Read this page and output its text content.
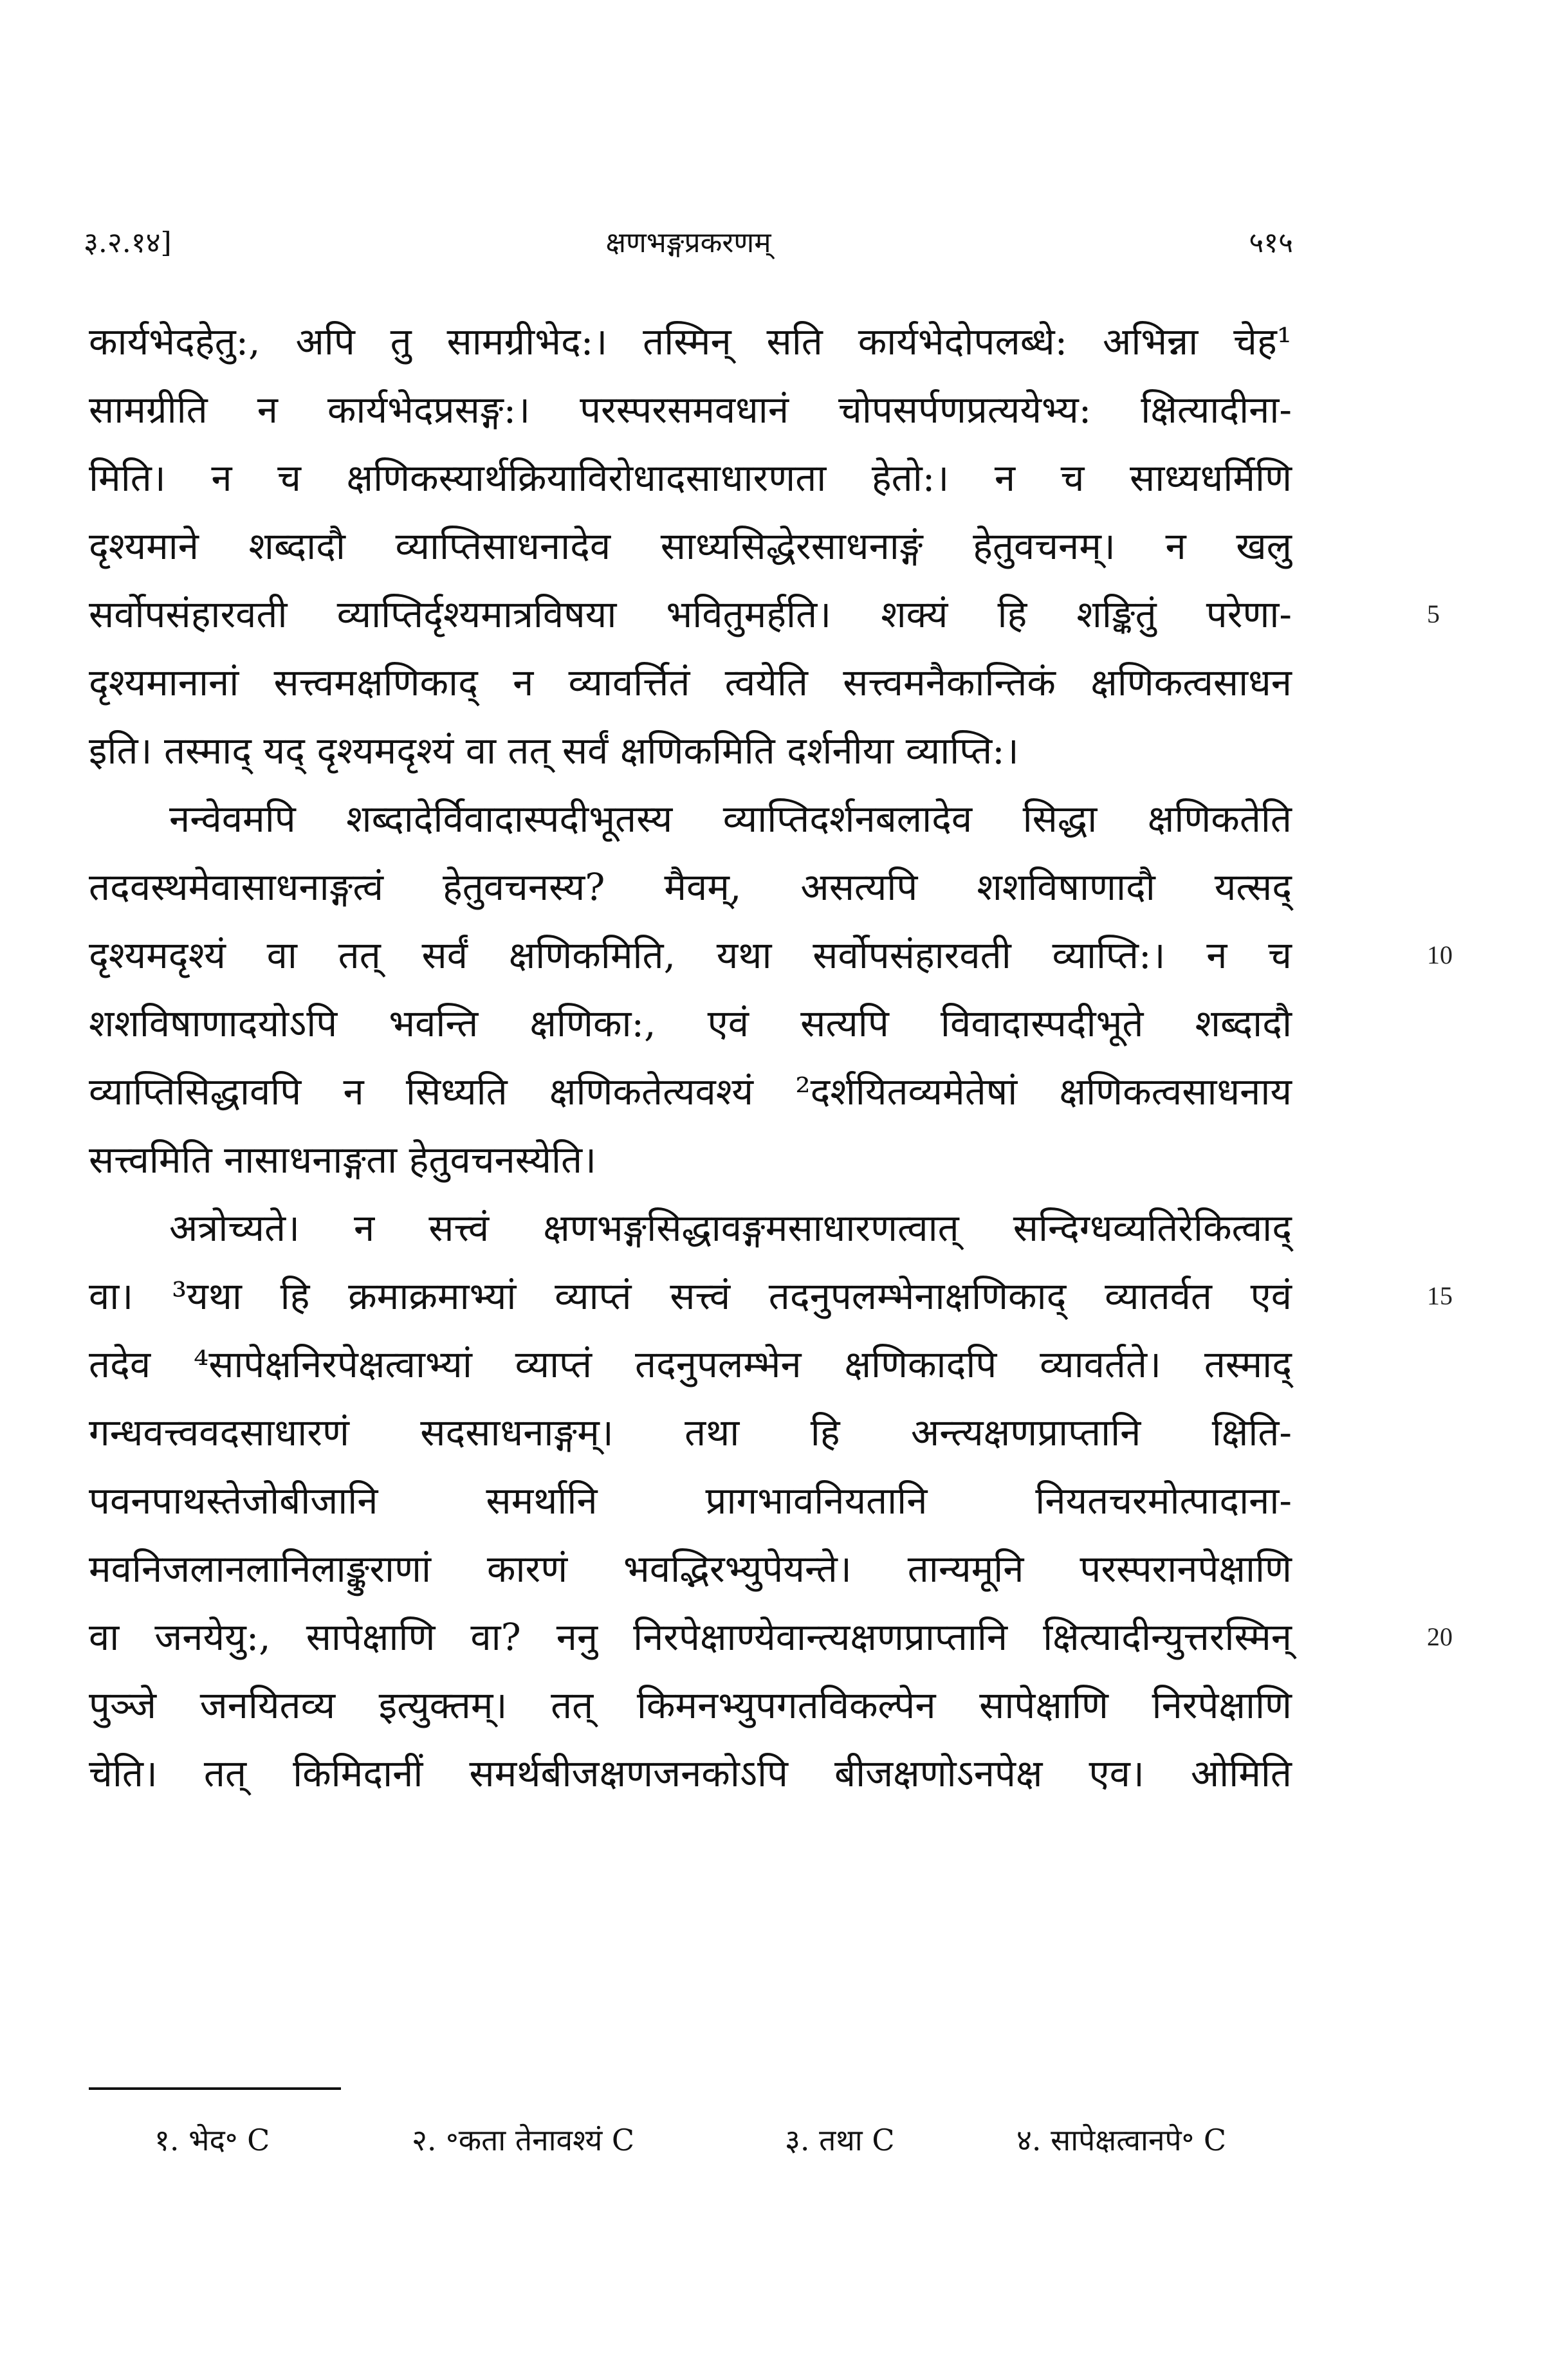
३.२.१४]	क्षणभङ्गप्रकरणम्	५१५
कार्यभेदहेतु:, अपि तु सामग्रीभेद:। तस्मिन् सति कार्यभेदोपलब्धे: अभिन्ना चेह¹
सामग्रीति न कार्यभेदप्रसङ्ग:। परस्परसमवधानं चोपसर्पणप्रत्ययेभ्य: क्षित्यादीना-
मिति। न च क्षणिकस्यार्थक्रियाविरोधादसाधारणता हेतो:। न च साध्यधर्मिणि
दृश्यमाने शब्दादौ व्याप्तिसाधनादेव साध्यसिद्धेरसाधनाङ्गं हेतुवचनम्। न खलु
सर्वोपसंहारवती व्याप्तिर्दृश्यमात्रविषया भवितुमर्हति। शक्यं हि शङ्कितुं परेणा-	5
दृश्यमानानां सत्त्वमक्षणिकाद् न व्यावर्त्तितं त्वयेति सत्त्वमनैकान्तिकं क्षणिकत्वसाधन
इति। तस्माद् यद् दृश्यमदृश्यं वा तत् सर्वं क्षणिकमिति दर्शनीया व्याप्ति:।
नन्वेवमपि शब्दादेर्विवादास्पदीभूतस्य व्याप्तिदर्शनबलादेव सिद्धा क्षणिकतेति
तदवस्थमेवासाधनाङ्गत्वं हेतुवचनस्य? मैवम्, असत्यपि शशविषाणादौ यत्सद्
दृश्यमदृश्यं वा तत् सर्वं क्षणिकमिति, यथा सर्वोपसंहारवती व्याप्ति:। न च	10
शशविषाणादयोऽपि भवन्ति क्षणिका:, एवं सत्यपि विवादास्पदीभूते शब्दादौ
व्याप्तिसिद्धावपि न सिध्यति क्षणिकतेत्यवश्यं ²दर्शयितव्यमेतेषां क्षणिकत्वसाधनाय
सत्त्वमिति नासाधनाङ्गता हेतुवचनस्येति।
अत्रोच्यते। न सत्त्वं क्षणभङ्गसिद्धावङ्गमसाधारणत्वात् सन्दिग्धव्यतिरेकित्वाद्
वा। ³यथा हि क्रमाक्रमाभ्यां व्याप्तं सत्त्वं तदनुपलम्भेनाक्षणिकाद् व्यातर्वत एवं	15
तदेव ⁴सापेक्षनिरपेक्षत्वाभ्यां व्याप्तं तदनुपलम्भेन क्षणिकादपि व्यावर्तते। तस्माद्
गन्धवत्त्ववदसाधारणं सदसाधनाङ्गम्। तथा हि अन्त्यक्षणप्राप्तानि क्षिति-
पवनपाथस्तेजोबीजानि समर्थानि प्रागभावनियतानि नियतचरमोत्पादाना-
मवनिजलानलानिलाङ्कुराणां कारणं भवद्भिरभ्युपेयन्ते। तान्यमूनि परस्परानपेक्षाणि
वा जनयेयु:, सापेक्षाणि वा? ननु निरपेक्षाण्येवान्त्यक्षणप्राप्तानि क्षित्यादीन्युत्तरस्मिन्	20
पुञ्जे जनयितव्य इत्युक्तम्। तत् किमनभ्युपगतविकल्पेन सापेक्षाणि निरपेक्षाणि
चेति। तत् किमिदानीं समर्थबीजक्षणजनकोऽपि बीजक्षणोऽनपेक्ष एव। ओमिति
१. भेद॰ C	२. ॰कता तेनावश्यं C	३. तथा C	४. सापेक्षत्वानपे॰ C
